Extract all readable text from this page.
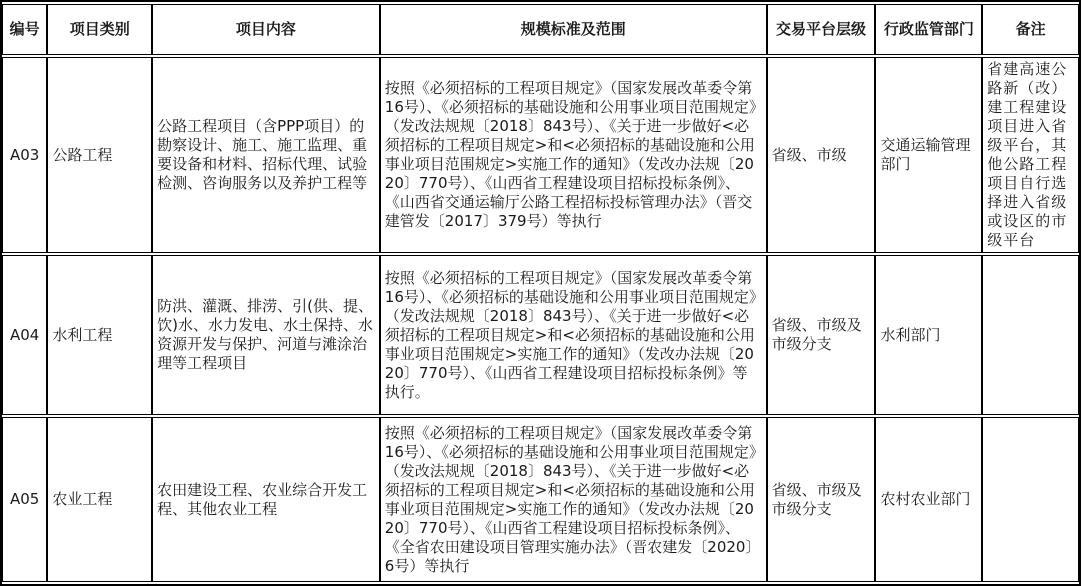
编号	项目类别	项目内容	规模标准及范围	交易平台层级	行政监管部门	备注
A03	公路工程	公路工程项目（含PPP项目）的勘察设计、施工、施工监理、重要设备和材料、招标代理、试验检测、咨询服务以及养护工程等	按照《必须招标的工程项目规定》（国家发展改革委令第16号）、《必须招标的基础设施和公用事业项目范围规定》（发改法规规〔2018〕843号）、《关于进一步做好<必须招标的工程项目规定>和<必须招标的基础设施和公用事业项目范围规定>实施工作的通知》（发改办法规〔2020〕770号）、《山西省工程建设项目招标投标条例》、《山西省交通运输厅公路工程招标投标管理办法》（晋交建管发〔2017〕379号）等执行	省级、市级	交通运输管理部门	省建高速公路新（改）建工程建设项目进入省级平台，其他公路工程项目自行选择进入省级或设区的市级平台
A04	水利工程	防洪、灌溉、排涝、引(供、提、饮)水、水力发电、水土保持、水资源开发与保护、河道与滩涂治理等工程项目	按照《必须招标的工程项目规定》（国家发展改革委令第16号）、《必须招标的基础设施和公用事业项目范围规定》（发改法规规〔2018〕843号）、《关于进一步做好<必须招标的工程项目规定>和<必须招标的基础设施和公用事业项目范围规定>实施工作的通知》（发改办法规〔2020〕770号）、《山西省工程建设项目招标投标条例》等执行。	省级、市级及市级分支	水利部门	
A05	农业工程	农田建设工程、农业综合开发工程、其他农业工程	按照《必须招标的工程项目规定》（国家发展改革委令第16号）、《必须招标的基础设施和公用事业项目范围规定》（发改法规规〔2018〕843号）、《关于进一步做好<必须招标的工程项目规定>和<必须招标的基础设施和公用事业项目范围规定>实施工作的通知》（发改办法规〔2020〕770号）、《山西省工程建设项目招标投标条例》、《全省农田建设项目管理实施办法》（晋农建发〔2020〕6号）等执行	省级、市级及市级分支	农村农业部门	
